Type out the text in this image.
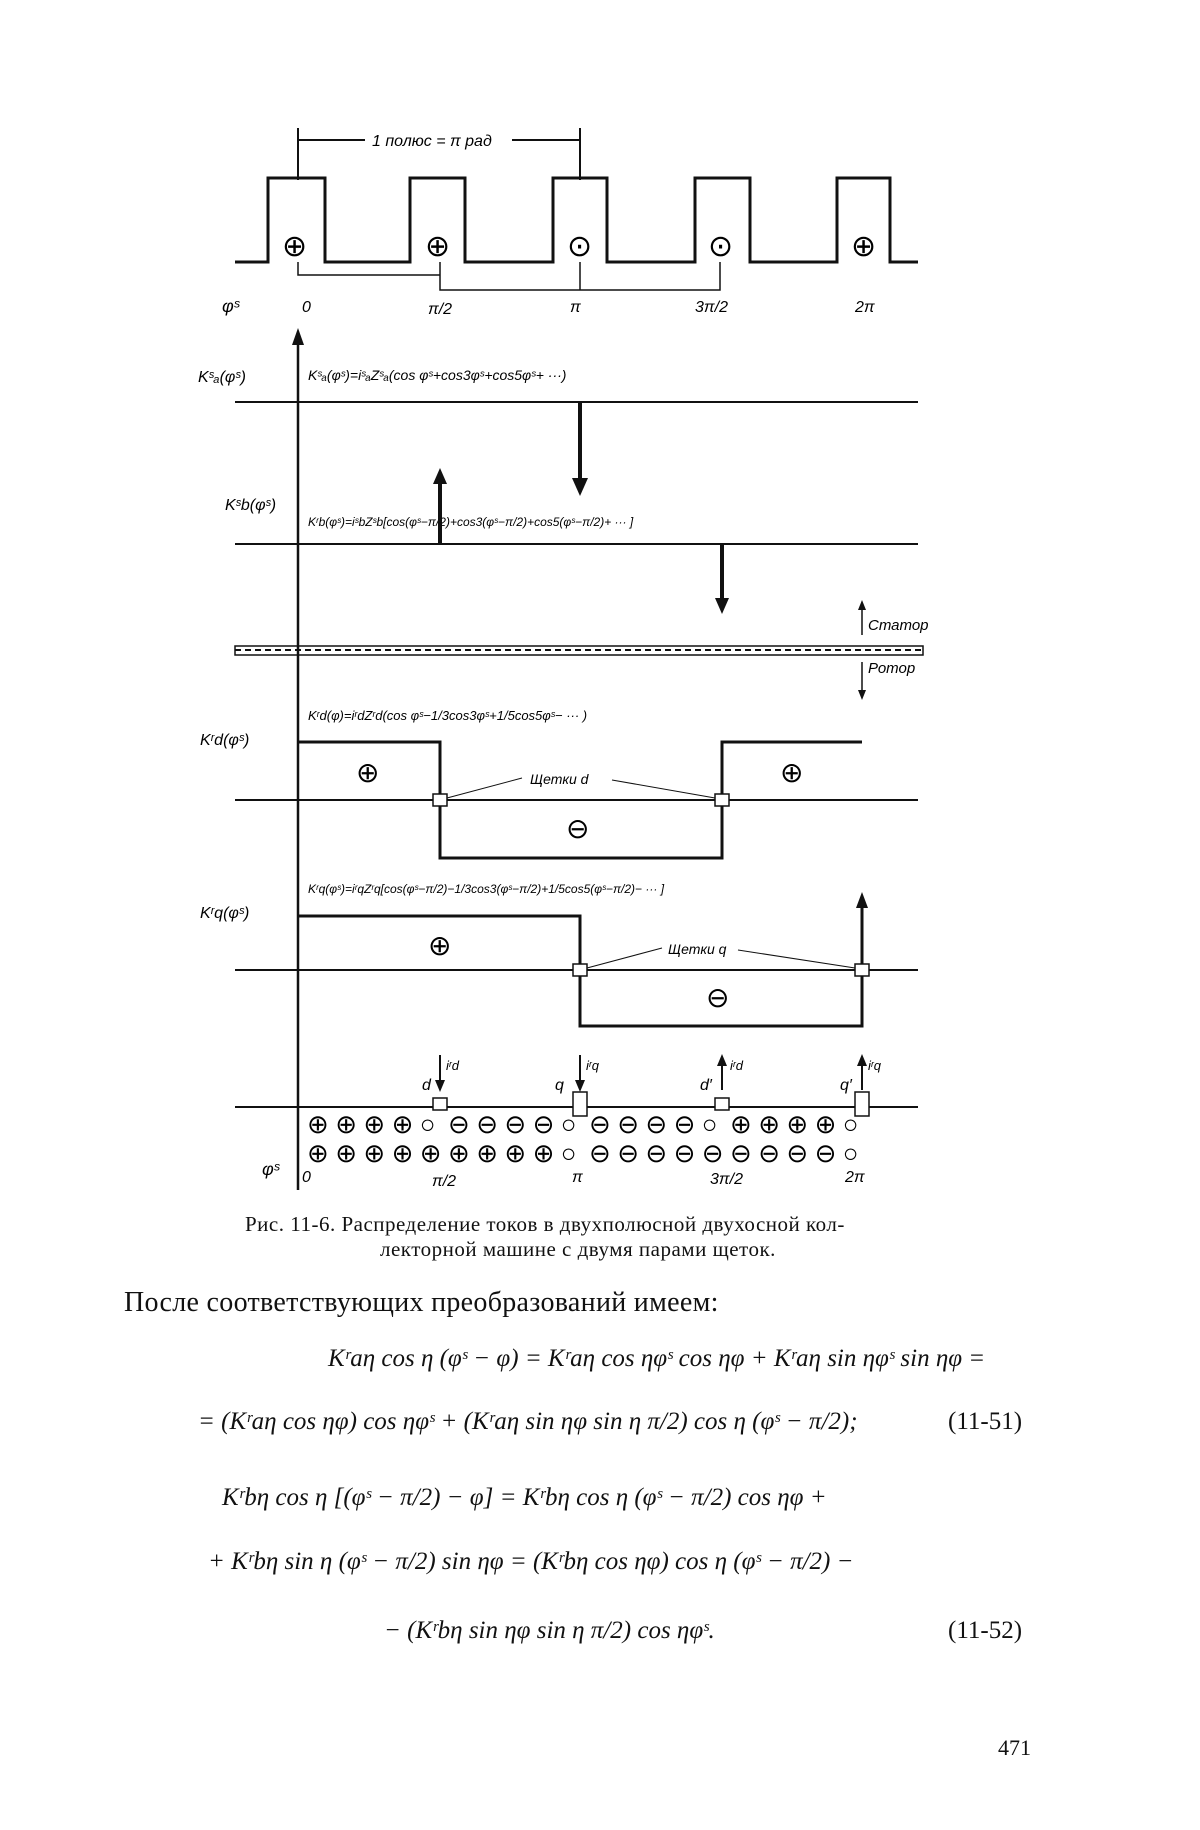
1 полюс = π рад
⊕	⊕	⊙	⊙	⊕
φˢ	0	π/2	π	3π/2	2π
Kˢₐ(φˢ)	Kˢₐ(φˢ)=iˢₐZˢₐ(cos φˢ+cos3φˢ+cos5φˢ+ ···)
Kˢb(φˢ)
Kʳb(φˢ)=iˢbZˢb[cos(φˢ−π/2)+cos3(φˢ−π/2)+cos5(φˢ−π/2)+ ··· ]
Статор
Ротор
Kʳd(φˢ)
Kʳd(φ)=iʳdZʳd(cos φˢ−1/3cos3φˢ+1/5cos5φˢ− ··· )
⊕
⊖
⊕
Щетки d
Kʳq(φˢ)
Kʳq(φˢ)=iʳqZʳq[cos(φˢ−π/2)−1/3cos3(φˢ−π/2)+1/5cos5(φˢ−π/2)− ··· ]
⊕
⊖
Щетки q
d	q	d′	q′
iʳd	iʳq	iʳd	iʳq
⊕ ⊕ ⊕ ⊕ ○ ⊖ ⊖ ⊖ ⊖ ○ ⊖ ⊖ ⊖ ⊖ ○ ⊕ ⊕ ⊕ ⊕ ○
⊕ ⊕ ⊕ ⊕ ⊕ ⊕ ⊕ ⊕ ⊕ ○ ⊖ ⊖ ⊖ ⊖ ⊖ ⊖ ⊖ ⊖ ⊖ ○
φˢ 0	π/2	π	3π/2	2π
Рис. 11-6. Распределение токов в двухполюсной двухосной кол-
лекторной машине с двумя парами щеток.
После соответствующих преобразований имеем:
Kʳaη cos η (φˢ − φ) = Kʳaη cos ηφˢ cos ηφ + Kʳaη sin ηφˢ sin ηφ =
= (Kʳaη cos ηφ) cos ηφˢ + (Kʳaη sin ηφ sin η π/2) cos η (φˢ − π/2);	(11-51)
Kʳbη cos η [(φˢ − π/2) − φ] = Kʳbη cos η (φˢ − π/2) cos ηφ +
+ Kʳbη sin η (φˢ − π/2) sin ηφ = (Kʳbη cos ηφ) cos η (φˢ − π/2) −
− (Kʳbη sin ηφ sin η π/2) cos ηφˢ.	(11-52)
471
